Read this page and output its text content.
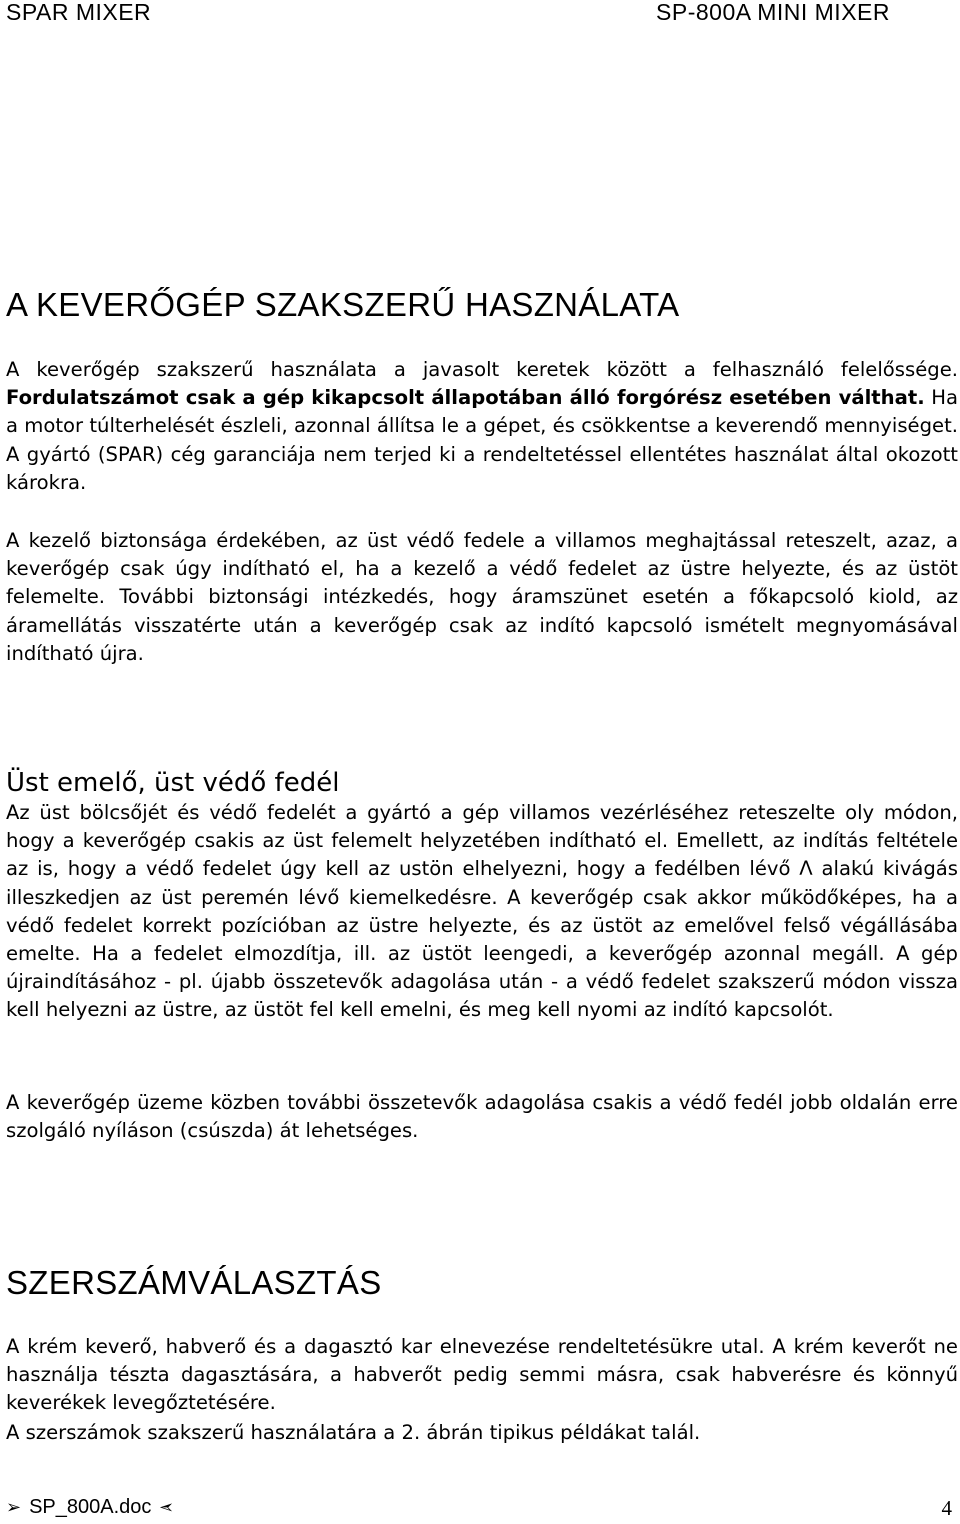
SPAR MIXER	SP-800A MINI MIXER
A KEVERŐGÉP SZAKSZERŰ HASZNÁLATA

A keverőgép szakszerű használata a javasolt keretek között a felhasználó felelőssége. Fordulatszámot csak a gép kikapcsolt állapotában álló forgórész esetében válthat. Ha a motor túlterhelését észleli, azonnal állítsa le a gépet, és csökkentse a keverendő mennyiséget. A gyártó (SPAR) cég garanciája nem terjed ki a rendeltetéssel ellentétes használat által okozott károkra.

A kezelő biztonsága érdekében, az üst védő fedele a villamos meghajtással reteszelt, azaz, a keverőgép csak úgy indítható el, ha a kezelő a védő fedelet az üstre helyezte, és az üstöt felemelte. További biztonsági intézkedés, hogy áramszünet esetén a főkapcsoló kiold, az áramellátás visszatérte után a keverőgép csak az indító kapcsoló ismételt megnyomásával indítható újra.

Üst emelő, üst védő fedél

Az üst bölcsőjét és védő fedelét a gyártó a gép villamos vezérléséhez reteszelte oly módon, hogy a keverőgép csakis az üst felemelt helyzetében indítható el. Emellett, az indítás feltétele az is, hogy a védő fedelet úgy kell az ustön elhelyezni, hogy a fedélben lévő Λ alakú kivágás illeszkedjen az üst peremén lévő kiemelkedésre. A keverőgép csak akkor működőképes, ha a védő fedelet korrekt pozícióban az üstre helyezte, és az üstöt az emelővel felső végállásába emelte. Ha a fedelet elmozdítja, ill. az üstöt leengedi, a keverőgép azonnal megáll. A gép újraindításához - pl. újabb összetevők adagolása után - a védő fedelet szakszerű módon vissza kell helyezni az üstre, az üstöt fel kell emelni, és meg kell nyomi az indító kapcsolót.

A keverőgép üzeme közben további összetevők adagolása csakis a védő fedél jobb oldalán erre szolgáló nyíláson (csúszda) át lehetséges.

SZERSZÁMVÁLASZTÁS

A krém keverő, habverő és a dagasztó kar elnevezése rendeltetésükre utal. A krém keverőt ne használja tészta dagasztására, a habverőt pedig semmi másra, csak habverésre és könnyű keverékek levegőztetésére.

A szerszámok szakszerű használatára a 2. ábrán tipikus példákat talál.

➢ SP_800A.doc ➣	4
